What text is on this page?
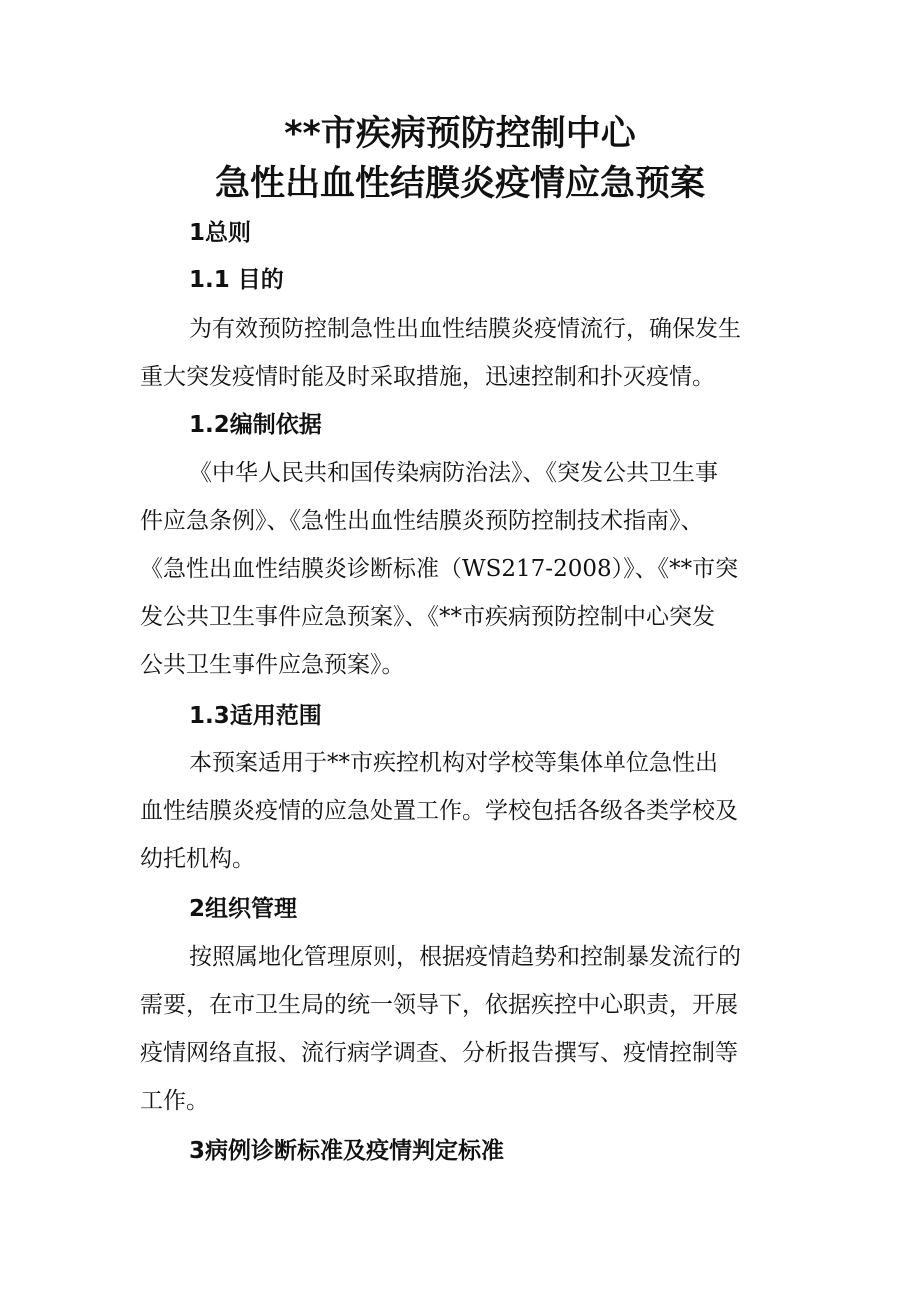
**市疾病预防控制中心
急性出血性结膜炎疫情应急预案
1总则
1.1 目的
为有效预防控制急性出血性结膜炎疫情流行，确保发生
重大突发疫情时能及时采取措施，迅速控制和扑灭疫情。
1.2编制依据
《中华人民共和国传染病防治法》、《突发公共卫生事
件应急条例》、《急性出血性结膜炎预防控制技术指南》、
《急性出血性结膜炎诊断标准（WS217-2008）》、《**市突
发公共卫生事件应急预案》、《**市疾病预防控制中心突发
公共卫生事件应急预案》。
1.3适用范围
本预案适用于**市疾控机构对学校等集体单位急性出
血性结膜炎疫情的应急处置工作。学校包括各级各类学校及
幼托机构。
2组织管理
按照属地化管理原则，根据疫情趋势和控制暴发流行的
需要，在市卫生局的统一领导下，依据疾控中心职责，开展
疫情网络直报、流行病学调查、分析报告撰写、疫情控制等
工作。
3病例诊断标准及疫情判定标准
